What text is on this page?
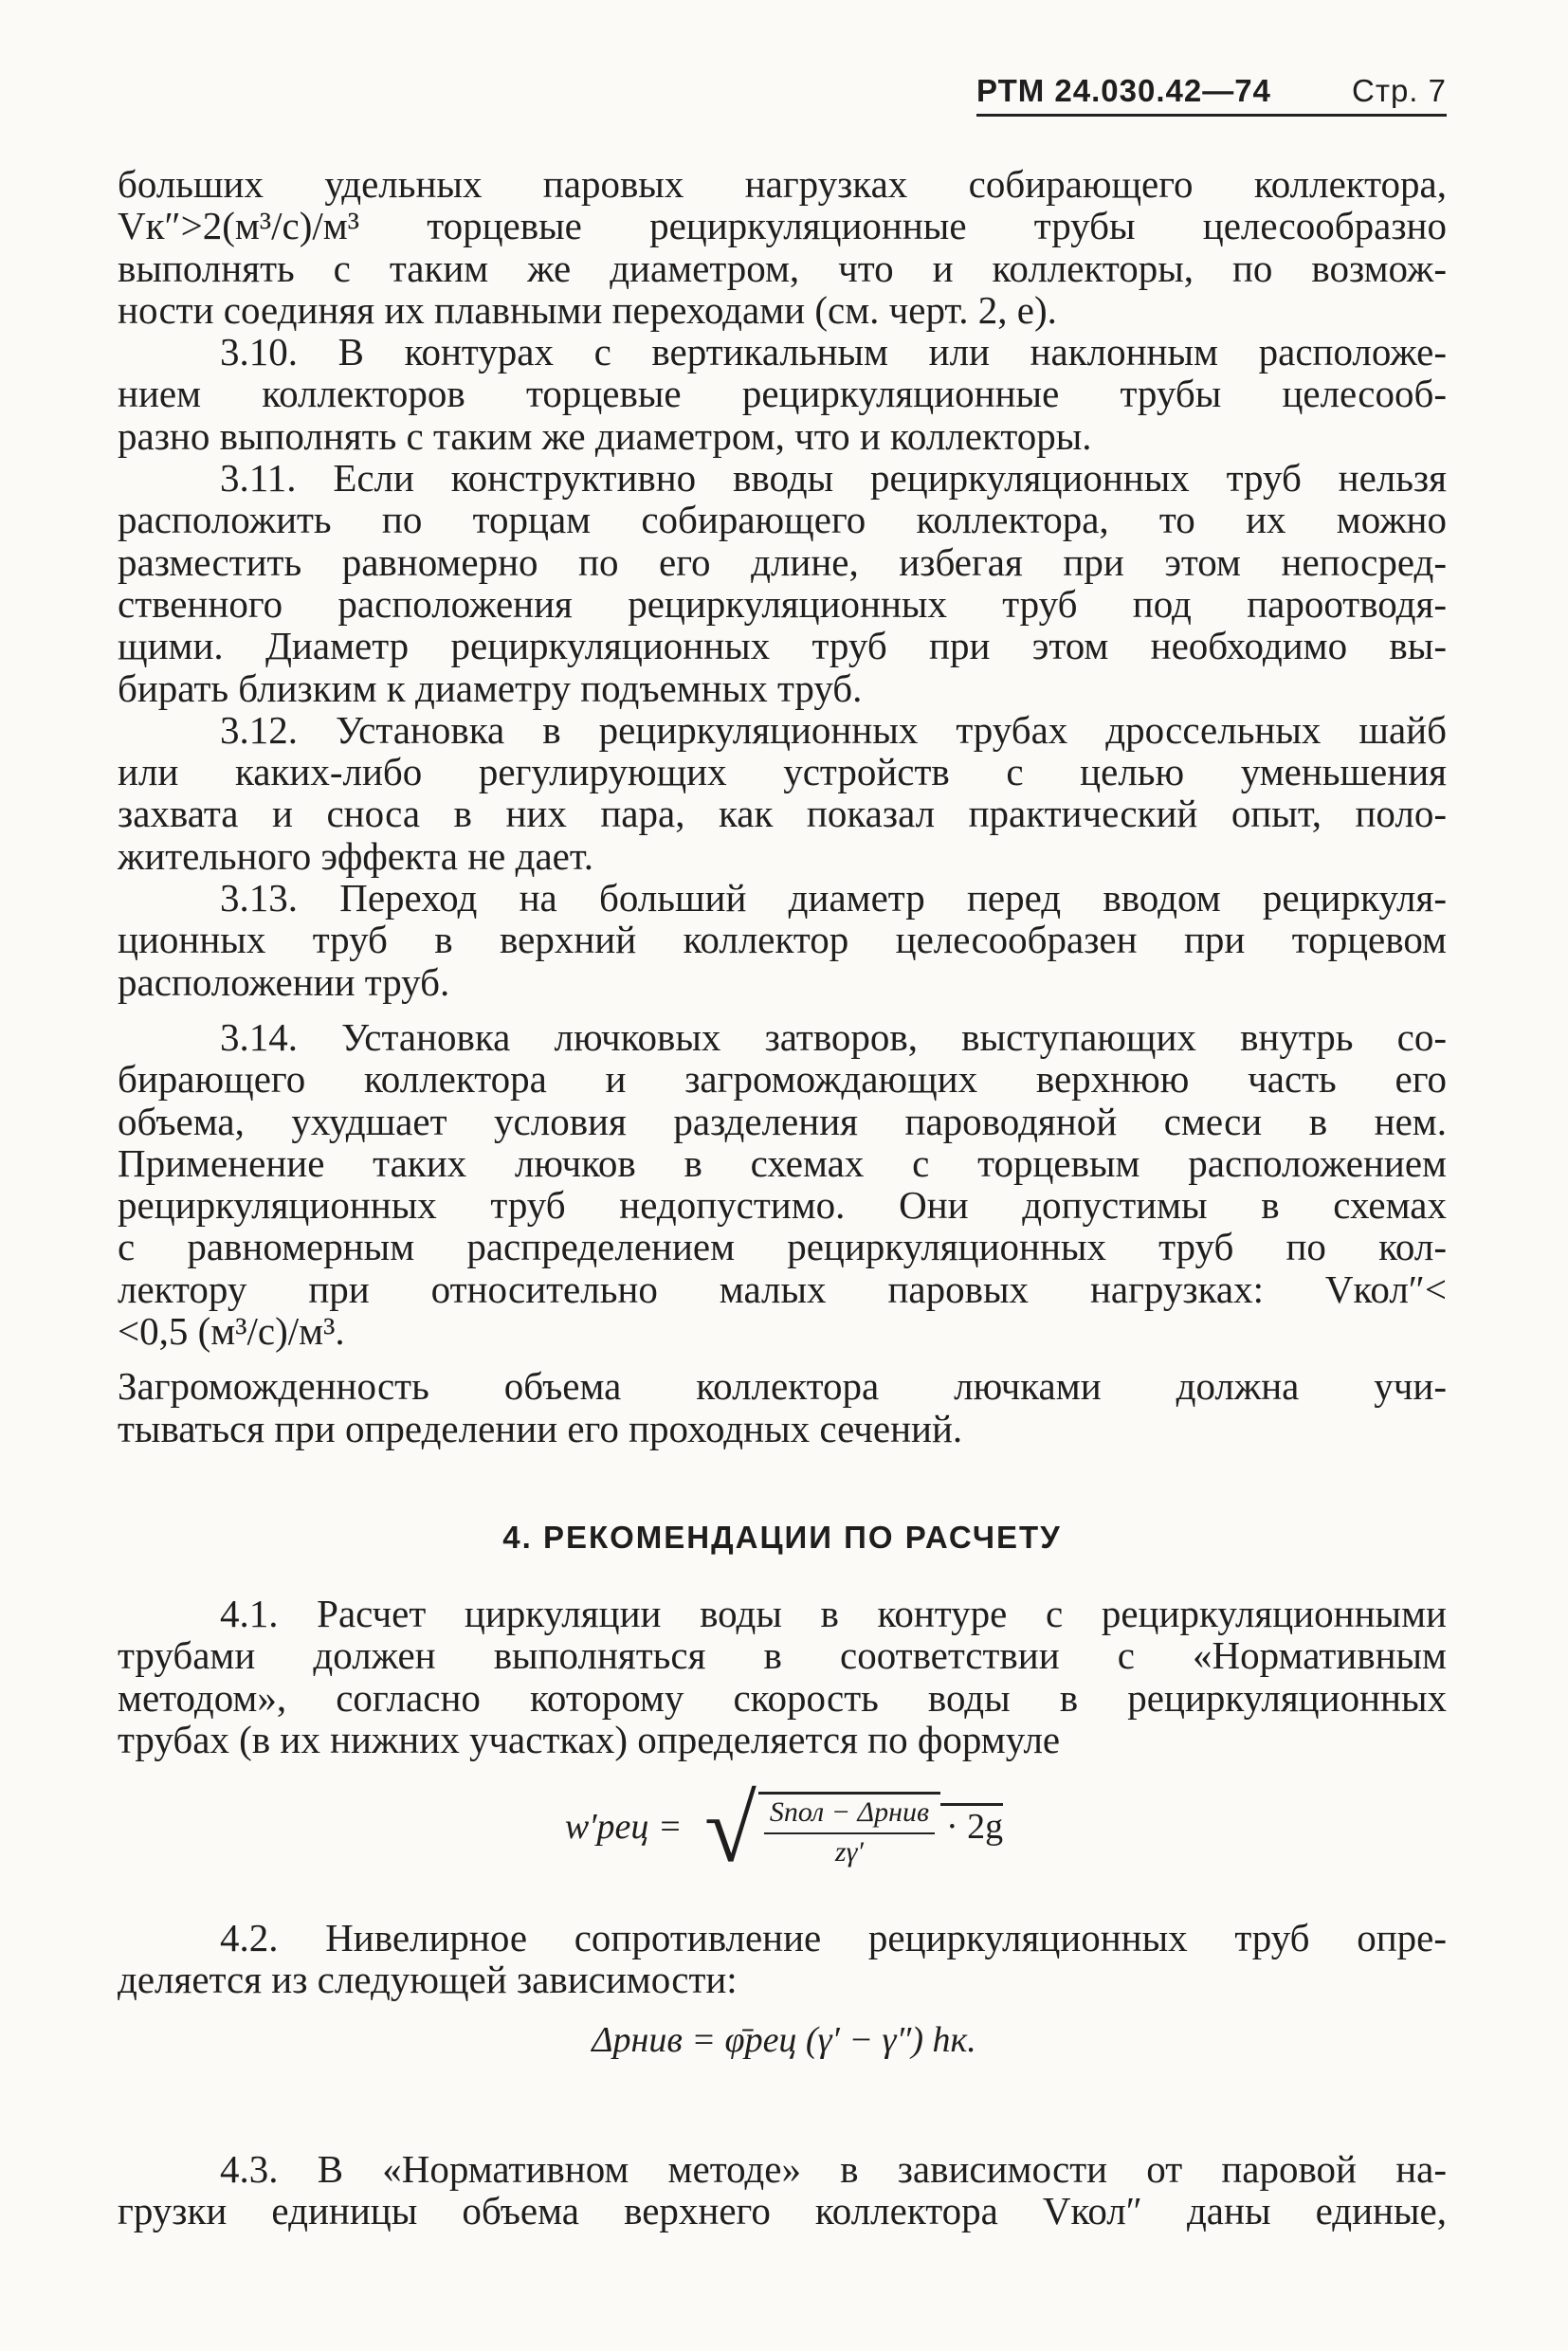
РТМ 24.030.42—74	Стр. 7
больших удельных паровых нагрузках собирающего коллектора,
Vк″>2(м³/с)/м³ торцевые рециркуляционные трубы целесообразно
выполнять с таким же диаметром, что и коллекторы, по возмож-
ности соединяя их плавными переходами (см. черт. 2, е).
3.10. В контурах с вертикальным или наклонным расположе-
нием коллекторов торцевые рециркуляционные трубы целесооб-
разно выполнять с таким же диаметром, что и коллекторы.
3.11. Если конструктивно вводы рециркуляционных труб нельзя
расположить по торцам собирающего коллектора, то их можно
разместить равномерно по его длине, избегая при этом непосред-
ственного расположения рециркуляционных труб под пароотводя-
щими. Диаметр рециркуляционных труб при этом необходимо вы-
бирать близким к диаметру подъемных труб.
3.12. Установка в рециркуляционных трубах дроссельных шайб
или каких-либо регулирующих устройств с целью уменьшения
захвата и сноса в них пара, как показал практический опыт, поло-
жительного эффекта не дает.
3.13. Переход на больший диаметр перед вводом рециркуля-
ционных труб в верхний коллектор целесообразен при торцевом
расположении труб.
3.14. Установка лючковых затворов, выступающих внутрь со-
бирающего коллектора и загромождающих верхнюю часть его
объема, ухудшает условия разделения пароводяной смеси в нем.
Применение таких лючков в схемах с торцевым расположением
рециркуляционных труб недопустимо. Они допустимы в схемах
с равномерным распределением рециркуляционных труб по кол-
лектору при относительно малых паровых нагрузках: Vкол″<
<0,5 (м³/с)/м³.
Загроможденность объема коллектора лючками должна учи-
тываться при определении его проходных сечений.
4. РЕКОМЕНДАЦИИ ПО РАСЧЕТУ
4.1. Расчет циркуляции воды в контуре с рециркуляционными
трубами должен выполняться в соответствии с «Нормативным
методом», согласно которому скорость воды в рециркуляционных
трубах (в их нижних участках) определяется по формуле
w′рец = √ $\frac{\text{Sпол − Δpнив}}{z\gamma'} \cdot 2g$
4.2. Нивелирное сопротивление рециркуляционных труб опре-
деляется из следующей зависимости:
Δpнив = φ̄рец (γ′ − γ″) hк.
4.3. В «Нормативном методе» в зависимости от паровой на-
грузки единицы объема верхнего коллектора Vкол″ даны единые,
